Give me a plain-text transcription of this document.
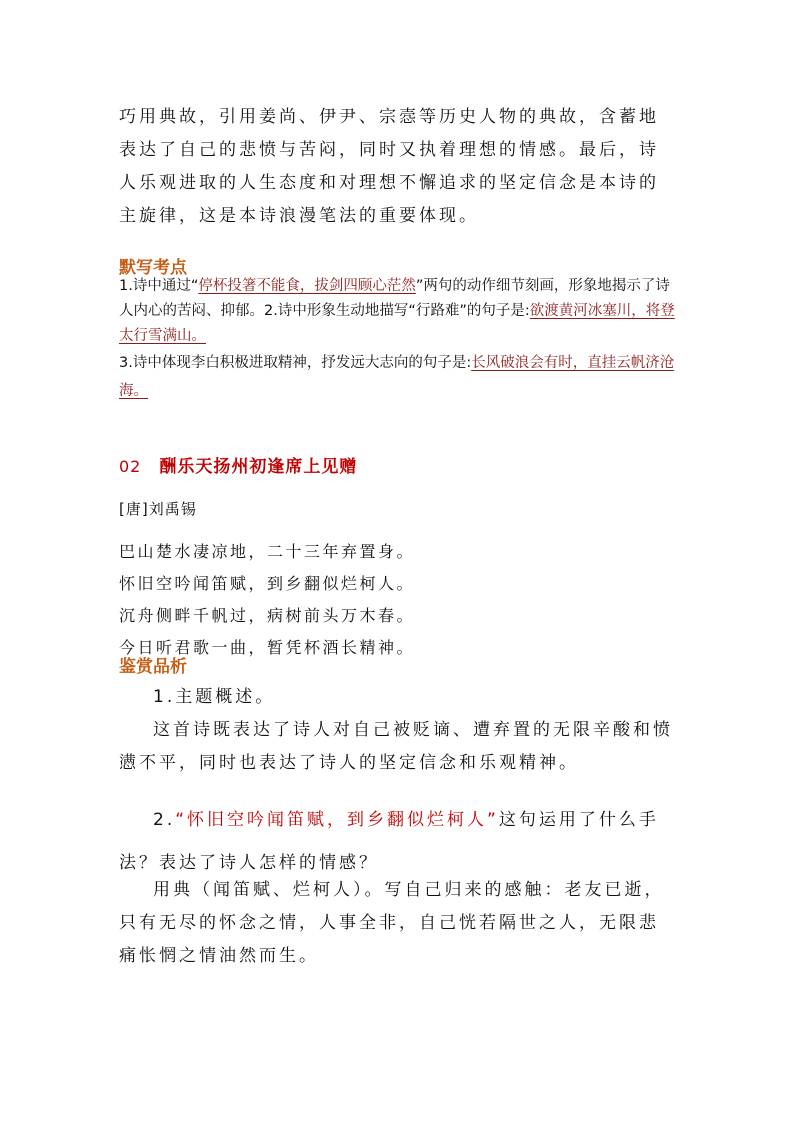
巧用典故，引用姜尚、伊尹、宗悫等历史人物的典故，含蓄地表达了自己的悲愤与苦闷，同时又执着理想的情感。最后，诗人乐观进取的人生态度和对理想不懈追求的坚定信念是本诗的主旋律，这是本诗浪漫笔法的重要体现。

默写考点

1.诗中通过“停杯投箸不能食，拔剑四顾心茫然”两句的动作细节刻画，形象地揭示了诗人内心的苦闷、抑郁。2.诗中形象生动地描写“行路难”的句子是:欲渡黄河冰塞川，将登太行雪满山。

3.诗中体现李白积极进取精神，抒发远大志向的句子是:长风破浪会有时，直挂云帆济沧海。

02 酬乐天扬州初逢席上见赠

[唐]刘禹锡

巴山楚水凄凉地，二十三年弃置身。

怀旧空吟闻笛赋，到乡翻似烂柯人。

沉舟侧畔千帆过，病树前头万木春。

今日听君歌一曲，暂凭杯酒长精神。

鉴赏品析

1.主题概述。

这首诗既表达了诗人对自己被贬谪、遭弃置的无限辛酸和愤懑不平，同时也表达了诗人的坚定信念和乐观精神。

2.“怀旧空吟闻笛赋，到乡翻似烂柯人”这句运用了什么手法？表达了诗人怎样的情感？

用典（闻笛赋、烂柯人）。写自己归来的感触：老友已逝，只有无尽的怀念之情，人事全非，自己恍若隔世之人，无限悲痛怅惘之情油然而生。
